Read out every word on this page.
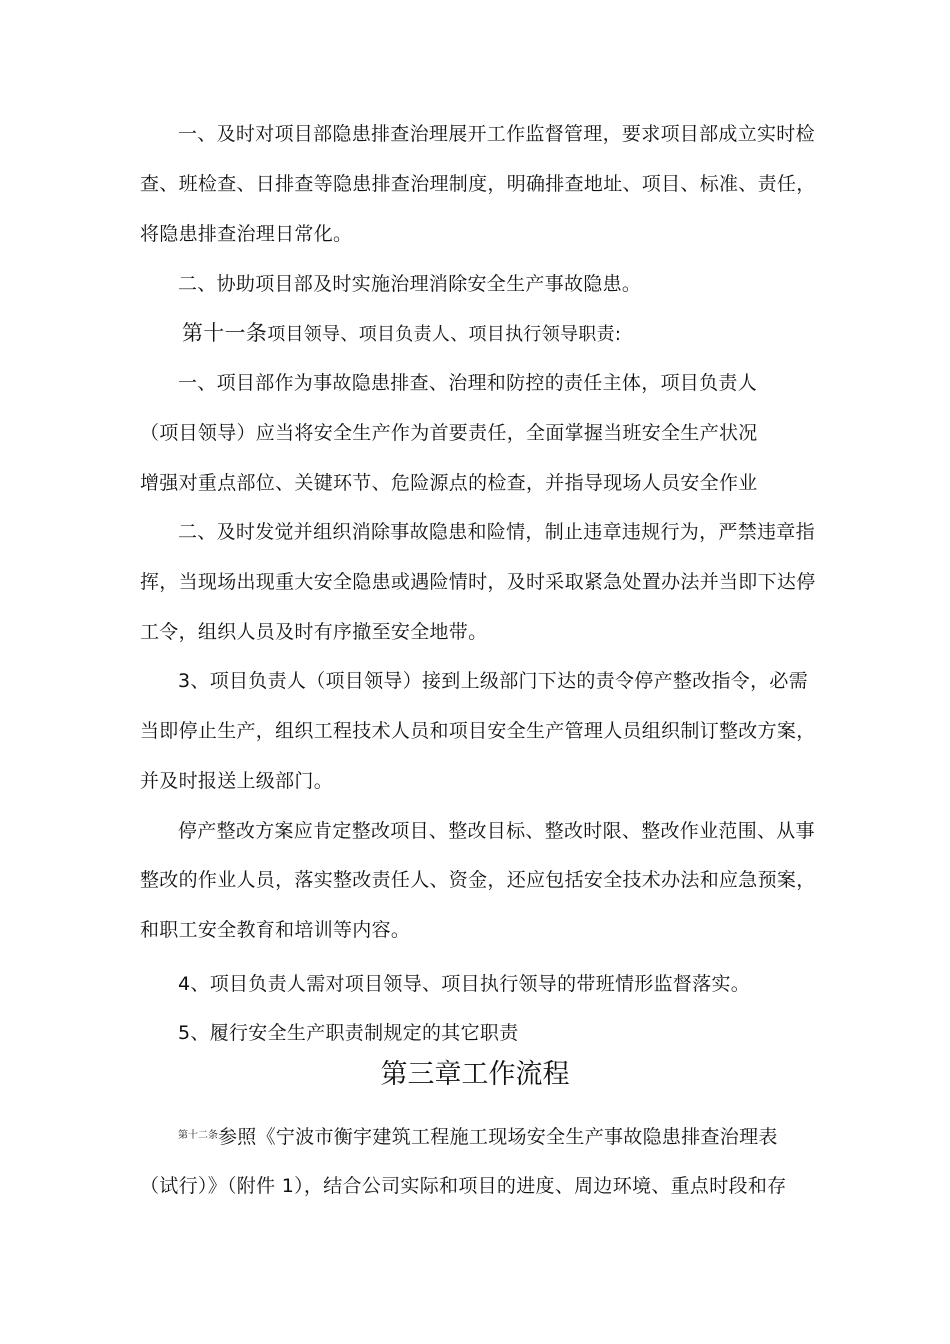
一、及时对项目部隐患排查治理展开工作监督管理，要求项目部成立实时检
查、班检查、日排查等隐患排查治理制度，明确排查地址、项目、标准、责任，
将隐患排查治理日常化。
二、协助项目部及时实施治理消除安全生产事故隐患。
第十一条项目领导、项目负责人、项目执行领导职责:
一、项目部作为事故隐患排查、治理和防控的责任主体，项目负责人
（项目领导）应当将安全生产作为首要责任，全面掌握当班安全生产状况
增强对重点部位、关键环节、危险源点的检查，并指导现场人员安全作业
二、及时发觉并组织消除事故隐患和险情，制止违章违规行为，严禁违章指
挥，当现场出现重大安全隐患或遇险情时，及时采取紧急处置办法并当即下达停
工令，组织人员及时有序撤至安全地带。
3、项目负责人（项目领导）接到上级部门下达的责令停产整改指令，必需
当即停止生产，组织工程技术人员和项目安全生产管理人员组织制订整改方案，
并及时报送上级部门。
停产整改方案应肯定整改项目、整改目标、整改时限、整改作业范围、从事
整改的作业人员，落实整改责任人、资金，还应包括安全技术办法和应急预案，
和职工安全教育和培训等内容。
4、项目负责人需对项目领导、项目执行领导的带班情形监督落实。
5、履行安全生产职责制规定的其它职责
第三章工作流程
$^{第十二条}$参照《宁波市衡宇建筑工程施工现场安全生产事故隐患排查治理表
（试行）》（附件 1），结合公司实际和项目的进度、周边环境、重点时段和存
